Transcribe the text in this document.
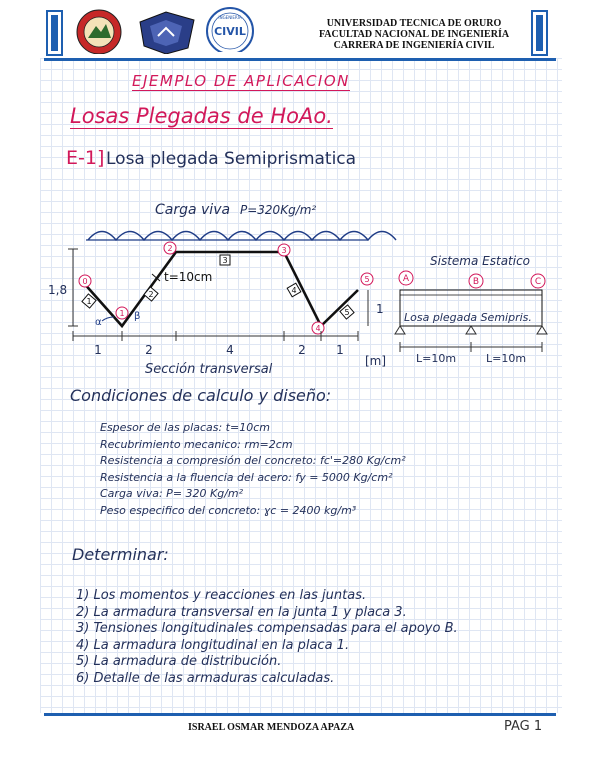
INGENIERIA
CIVIL
UNIVERSIDAD TECNICA DE ORURO
FACULTAD NACIONAL DE INGENIERÍA
CARRERA DE INGENIERÍA CIVIL
EJEMPLO DE APLICACION
Losas Plegadas de HoAo.
E-1] Losa plegada Semiprismatica
Carga viva P=320Kg/m²
1,8
0
1
2	3
4
5
1
2
3
4
5
t=10cm
α
β
1
1	2	4	2	1
[m]
Sección transversal
Sistema Estatico
A	B	C
Losa plegada Semipris.
L=10m	L=10m
Condiciones de calculo y diseño:
Espesor de las placas: t=10cm
Recubrimiento mecanico: rm=2cm
Resistencia a compresión del concreto: fc'=280 Kg/cm²
Resistencia a la fluencia del acero: fy = 5000 Kg/cm²
Carga viva: P= 320 Kg/m²
Peso especifico del concreto: ɣc = 2400 kg/m³
Determinar:
1) Los momentos y reacciones en las juntas.
2) La armadura transversal en la junta 1 y placa 3.
3) Tensiones longitudinales compensadas para el apoyo B.
4) La armadura longitudinal en la placa 1.
5) La armadura de distribución.
6) Detalle de las armaduras calculadas.
ISRAEL OSMAR MENDOZA APAZA	PAG 1
